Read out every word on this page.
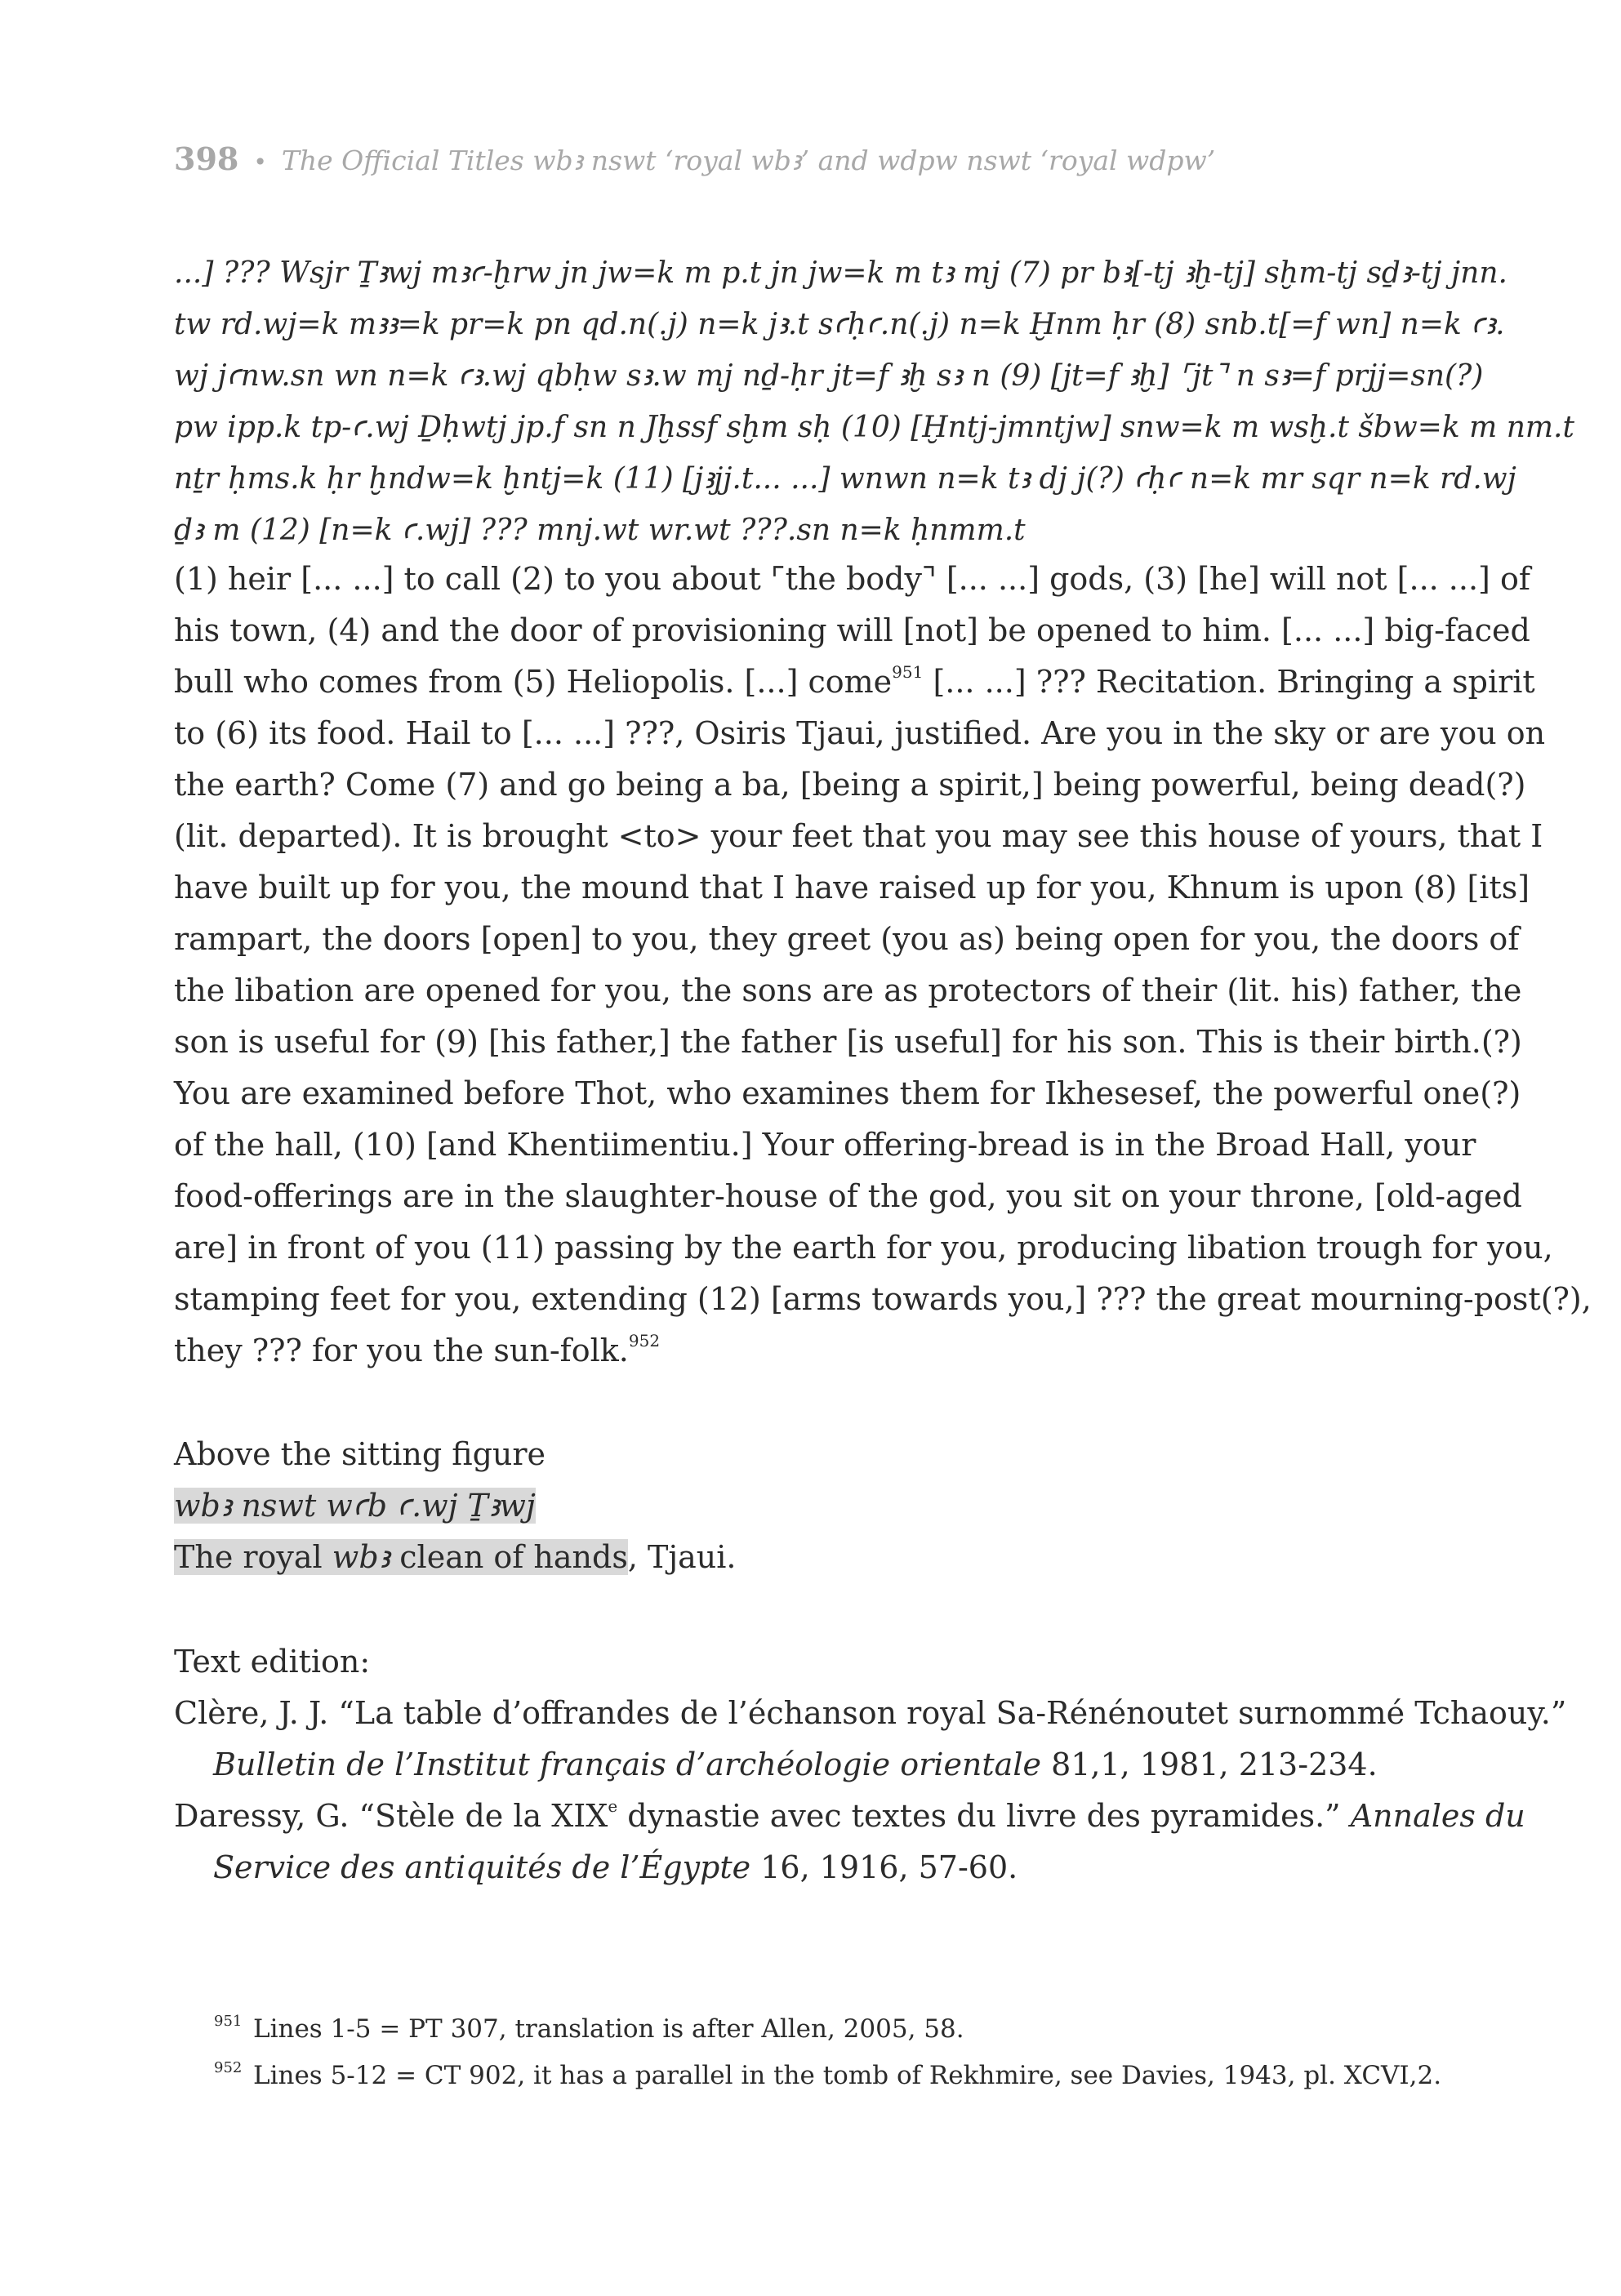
398 • The Official Titles wbꜣ nswt ‘royal wbꜣ’ and wdpw nswt ‘royal wdpw’
...] ??? Wsjr Ṯꜣwj mꜣꜥ-ḫrw jn jw=k m p.t jn jw=k m tꜣ mj (7) pr bꜣ[-tj ꜣḫ-tj] sḫm-tj sḏꜣ-tj jnn.
tw rd.wj=k mꜣꜣ=k pr=k pn qd.n(.j) n=k jꜣ.t sꜥḥꜥ.n(.j) n=k Ḫnm ḥr (8) snb.t[=f wn] n=k ꜥꜣ.
wj jꜥnw.sn wn n=k ꜥꜣ.wj qbḥw sꜣ.w mj nḏ-ḥr jt=f ꜣḫ sꜣ n (9) [jt=f ꜣḫ] ⌜jt⌝ n sꜣ=f prjj=sn(?)
pw ipp.k tp-ꜥ.wj Ḏḥwtj jp.f sn n Jḫssf sḫm sḥ (10) [Ḫntj-jmntjw] snw=k m wsḫ.t šbw=k m nm.t
nṯr ḥms.k ḥr ḫndw=k ḫntj=k (11) [jꜣjj.t... ...] wnwn n=k tꜣ dj j(?) ꜥḥꜥ n=k mr sqr n=k rd.wj
ḏꜣ m (12) [n=k ꜥ.wj] ??? mnj.wt wr.wt ???.sn n=k ḥnmm.t
(1) heir [... ...] to call (2) to you about ⌜the body⌝ [... ...] gods, (3) [he] will not [... ...] of
his town, (4) and the door of provisioning will [not] be opened to him. [... ...] big-faced
bull who comes from (5) Heliopolis. [...] come$^{951}$ [... ...] ??? Recitation. Bringing a spirit
to (6) its food. Hail to [... ...] ???, Osiris Tjaui, justified. Are you in the sky or are you on
the earth? Come (7) and go being a ba, [being a spirit,] being powerful, being dead(?)
(lit. departed). It is brought <to> your feet that you may see this house of yours, that I
have built up for you, the mound that I have raised up for you, Khnum is upon (8) [its]
rampart, the doors [open] to you, they greet (you as) being open for you, the doors of
the libation are opened for you, the sons are as protectors of their (lit. his) father, the
son is useful for (9) [his father,] the father [is useful] for his son. This is their birth.(?)
You are examined before Thot, who examines them for Ikhesesef, the powerful one(?)
of the hall, (10) [and Khentiimentiu.] Your offering-bread is in the Broad Hall, your
food-offerings are in the slaughter-house of the god, you sit on your throne, [old-aged
are] in front of you (11) passing by the earth for you, producing libation trough for you,
stamping feet for you, extending (12) [arms towards you,] ??? the great mourning-post(?),
they ??? for you the sun-folk.$^{952}$
Above the sitting figure
wbꜣ nswt wꜥb ꜥ.wj Ṯꜣwj
The royal wbꜣ clean of hands, Tjaui.
Text edition:
Clère, J. J. “La table d’offrandes de l’échanson royal Sa-Rénénoutet surnommé Tchaouy.”
Bulletin de l’Institut français d’archéologie orientale 81,1, 1981, 213-234.
Daressy, G. “Stèle de la XIXe dynastie avec textes du livre des pyramides.” Annales du
Service des antiquités de l’Égypte 16, 1916, 57-60.
951 Lines 1-5 = PT 307, translation is after Allen, 2005, 58.
952 Lines 5-12 = CT 902, it has a parallel in the tomb of Rekhmire, see Davies, 1943, pl. XCVI,2.
